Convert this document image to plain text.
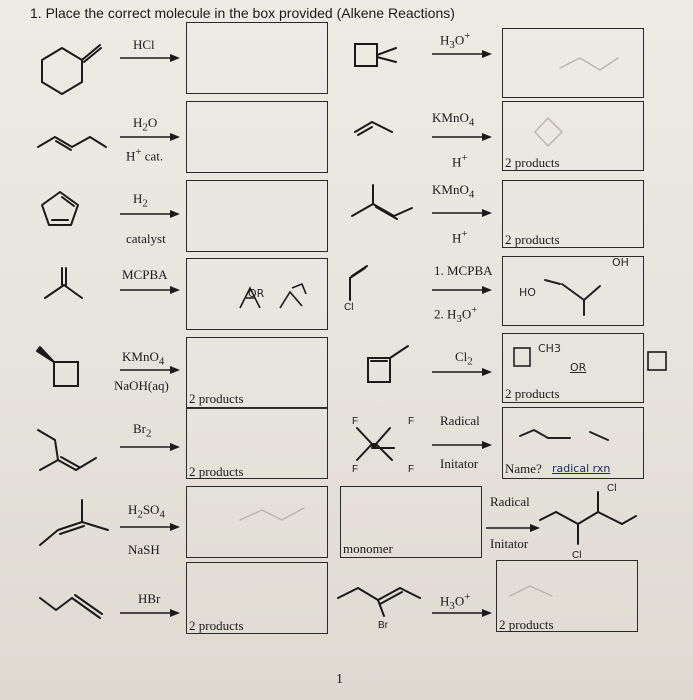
1. Place the correct molecule in the box provided (Alkene Reactions)
HCl
$H_2O$
H+ cat.
$H_2$
catalyst
MCPBA
KMnO$_4$
NaOH(aq)
$Br_2$
$H_2SO_4$
NaSH
HBr
2 products
2 products
2 products
OR
Cl
F	F
F	F
Br
monomer
$H_3O^+$
KMnO$_4$
H+
KMnO$_4$
H+
1. MCPBA
2. $H_3O^+$
$Cl_2$
Radical
Initator
Radical
Initator
$H_3O^+$
2 products
2 products
2 products
Name? radical rxn
2 products
HO
OH
OR
CH3
Cl
Cl
1
